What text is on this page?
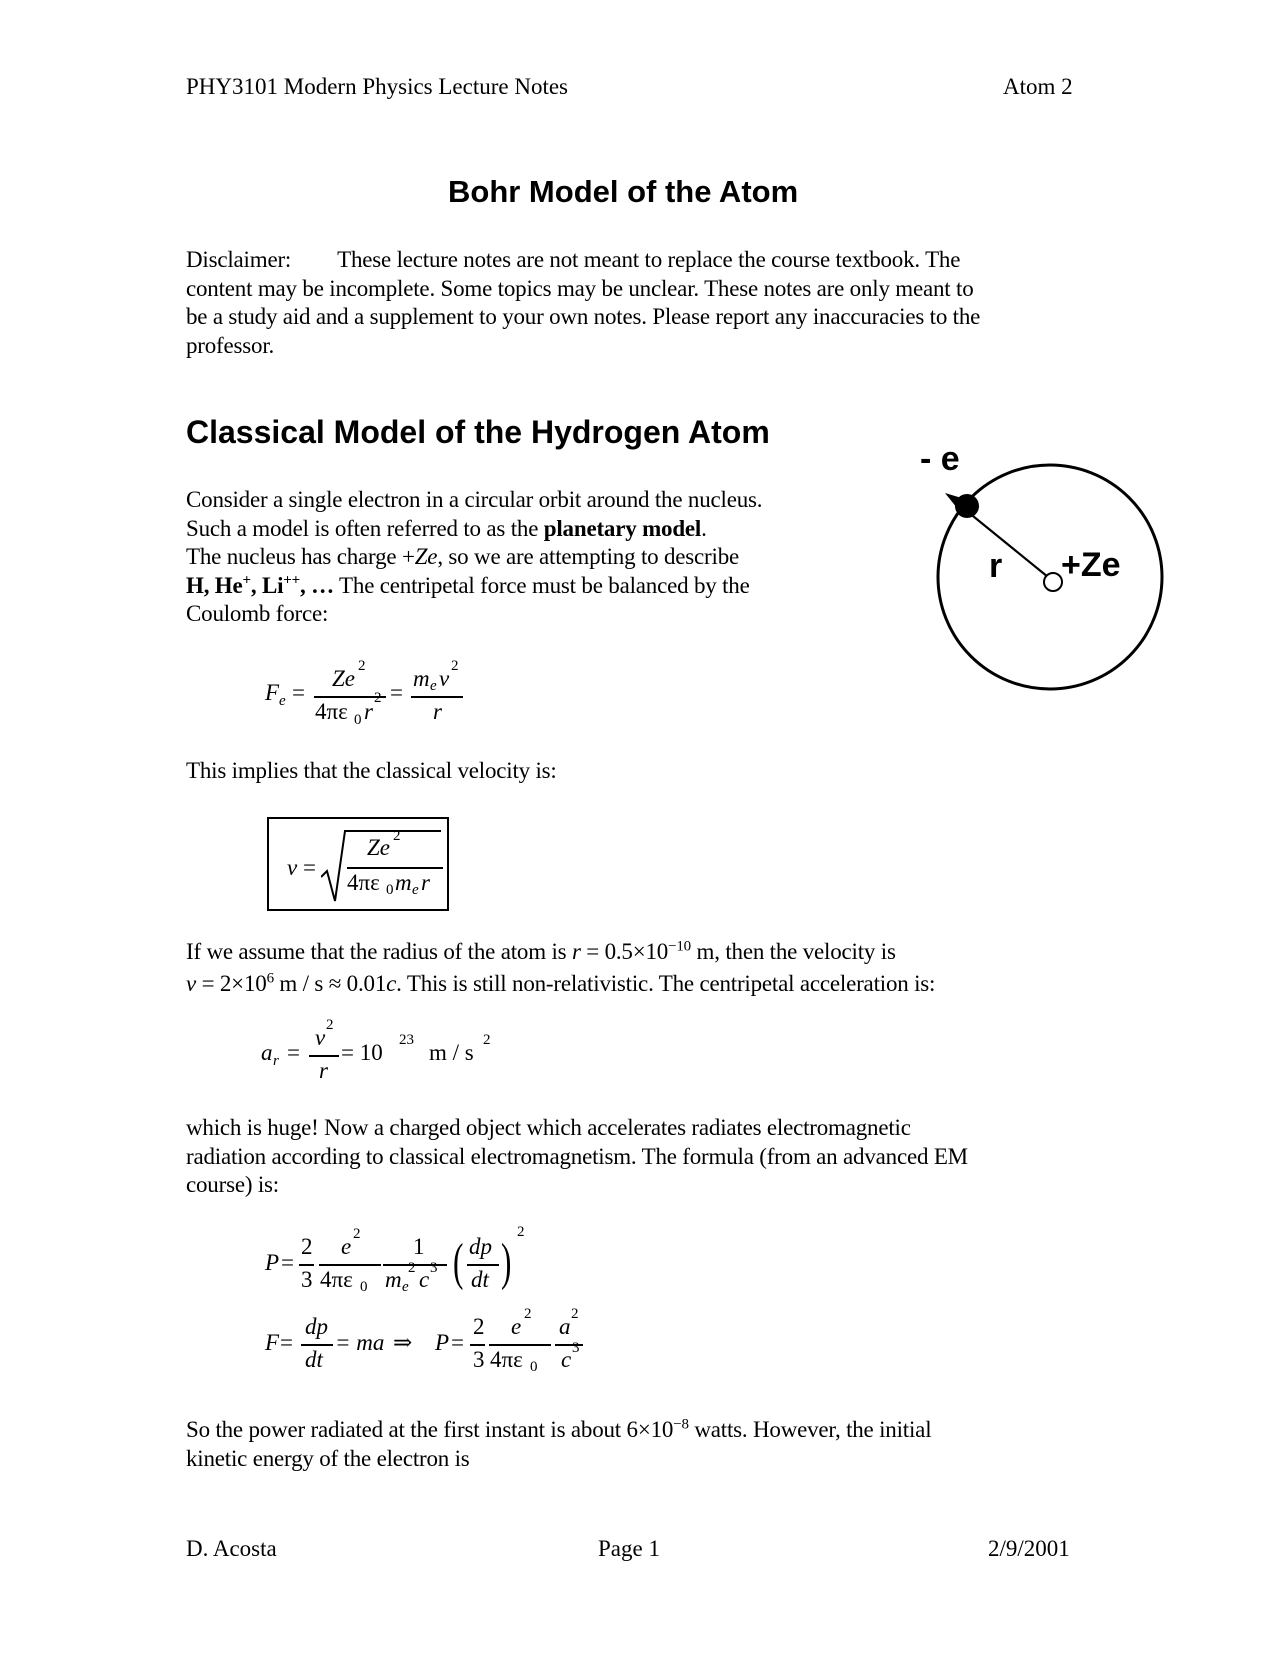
PHY3101 Modern Physics Lecture Notes	Atom 2
Bohr Model of the Atom
Disclaimer: These lecture notes are not meant to replace the course textbook. The
content may be incomplete. Some topics may be unclear. These notes are only meant to
be a study aid and a supplement to your own notes. Please report any inaccuracies to the
professor.
Classical Model of the Hydrogen Atom
Consider a single electron in a circular orbit around the nucleus.
Such a model is often referred to as the planetary model.
The nucleus has charge +Ze, so we are attempting to describe
H, He+, Li++, … The centripetal force must be balanced by the
Coulomb force:
- e
r +Ze
F e =
Ze 2
4πε 0 r
2 =
m e v 2
r
This implies that the classical velocity is:
v =
Ze 2
4πε 0 m e r
If we assume that the radius of the atom is $r = 0.5\times 10^{-10}$ m, then the velocity is
$v = 2\times 10^6$ m / s ≈ 0.01c. This is still non-relativistic. The centripetal acceleration is:
a r =
v 2
r
= 10 23 m / s 2
which is huge! Now a charged object which accelerates radiates electromagnetic
radiation according to classical electromagnetism. The formula (from an advanced EM
course) is:
P =
2
3
e 2
4πε 0
1
m e
2 c 3 ( dp
dt )
2
F =
dp
dt
= ma ⇒ P =
2
3
e 2
4πε 0
a 2
c 3
So the power radiated at the first instant is about $6\times 10^{-8}$ watts. However, the initial
kinetic energy of the electron is
D. Acosta	Page 1	2/9/2001
